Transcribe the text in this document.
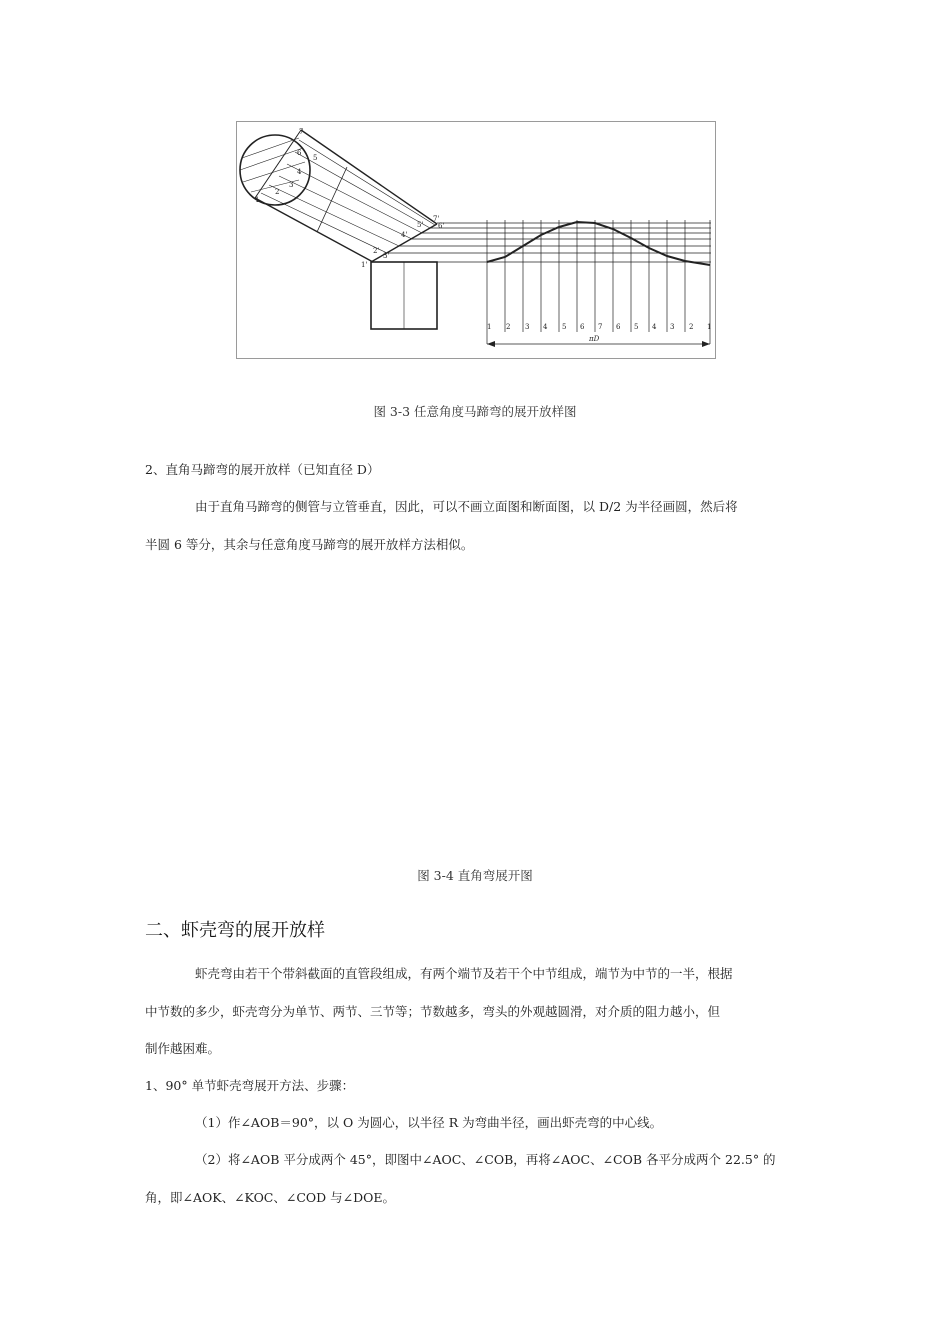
7
6
5
4
3
2
1
1'
2'
3'
4'
5' 6'
7'
1 2 3 4 5 6 7 6 5 4 3 2 1
πD
图 3-3 任意角度马蹄弯的展开放样图
2、直角马蹄弯的展开放样（已知直径 D）
由于直角马蹄弯的侧管与立管垂直，因此，可以不画立面图和断面图，以 D/2 为半径画圆，然后将
半圆 6 等分，其余与任意角度马蹄弯的展开放样方法相似。
图 3-4 直角弯展开图
二、虾壳弯的展开放样
虾壳弯由若干个带斜截面的直管段组成，有两个端节及若干个中节组成，端节为中节的一半，根据
中节数的多少，虾壳弯分为单节、两节、三节等；节数越多，弯头的外观越圆滑，对介质的阻力越小，但
制作越困难。
1、90° 单节虾壳弯展开方法、步骤：
（1）作∠AOB＝90°，以 O 为圆心，以半径 R 为弯曲半径，画出虾壳弯的中心线。
（2）将∠AOB 平分成两个 45°，即图中∠AOC、∠COB，再将∠AOC、∠COB 各平分成两个 22.5° 的
角，即∠AOK、∠KOC、∠COD 与∠DOE。
